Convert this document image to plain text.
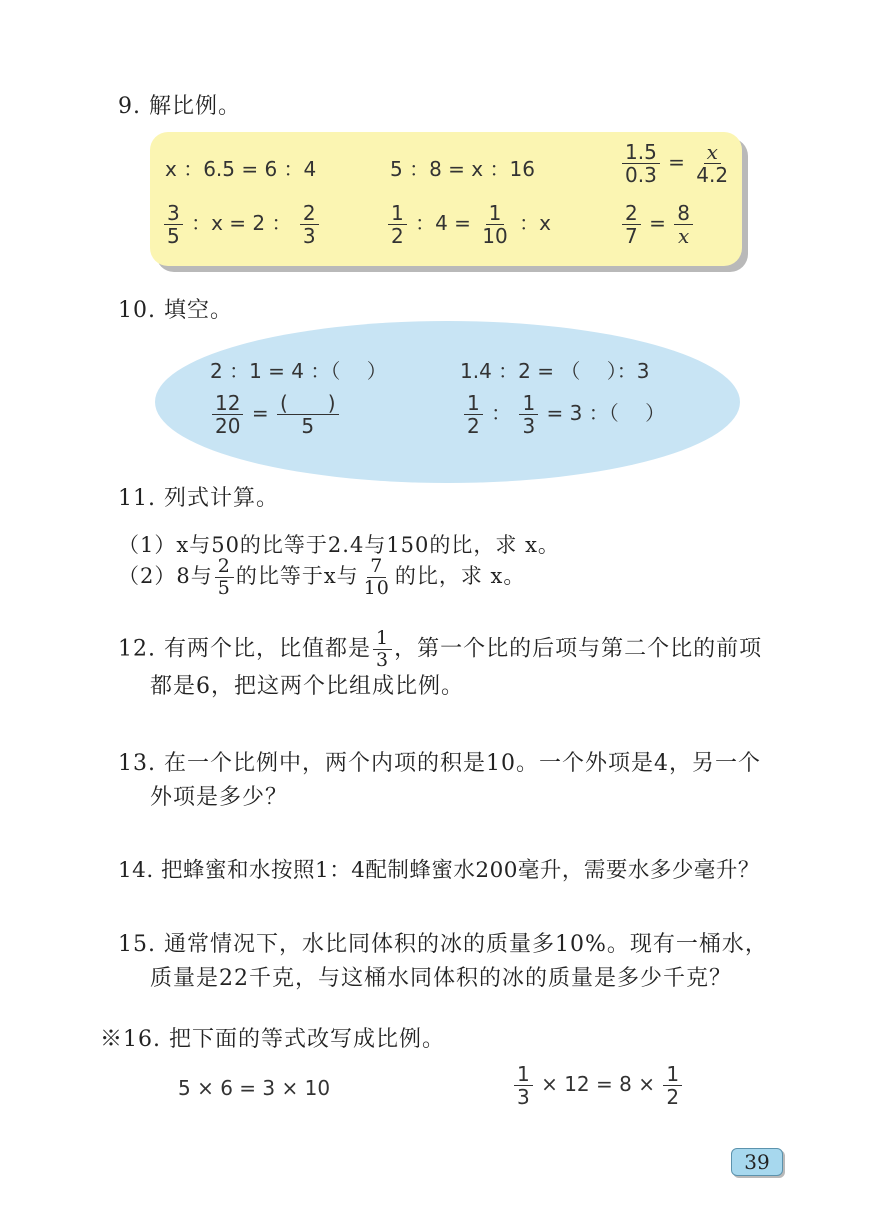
9. 解比例。
x ：6.5 = 6 ：4	5 ：8 = x ：16	$\frac{1.5}{0.3} = \frac{x}{4.2}$
$\frac{3}{5}$ ：x = 2 ： $\frac{2}{3}$	$\frac{1}{2}$ ：$4 = \frac{1}{10}$ ：x	$\frac{2}{7} = \frac{8}{x}$
10. 填空。
2 ：1 = 4 ：（　 ）	1.4 ：2 = （　 ）：3
$\frac{12}{20} = \frac{( )}{5}$	$\frac{1}{2}$ ： $\frac{1}{3} = 3$ ：（　 ）
11. 列式计算。
（1）x与50的比等于2.4与150的比，求 x。
（2）8与 $\frac{2}{5}$ 的比等于x与 $\frac{7}{10}$ 的比，求 x。
12. 有两个比，比值都是 $\frac{1}{3}$ ，第一个比的后项与第二个比的前项
都是6，把这两个比组成比例。
13. 在一个比例中，两个内项的积是10。一个外项是4，另一个
外项是多少？
14. 把蜂蜜和水按照1：4配制蜂蜜水200毫升，需要水多少毫升？
15. 通常情况下，水比同体积的冰的质量多10%。现有一桶水，
质量是22千克，与这桶水同体积的冰的质量是多少千克？
※16. 把下面的等式改写成比例。
5 × 6 = 3 × 10	$\frac{1}{3} \times 12 = 8 \times \frac{1}{2}$
39
